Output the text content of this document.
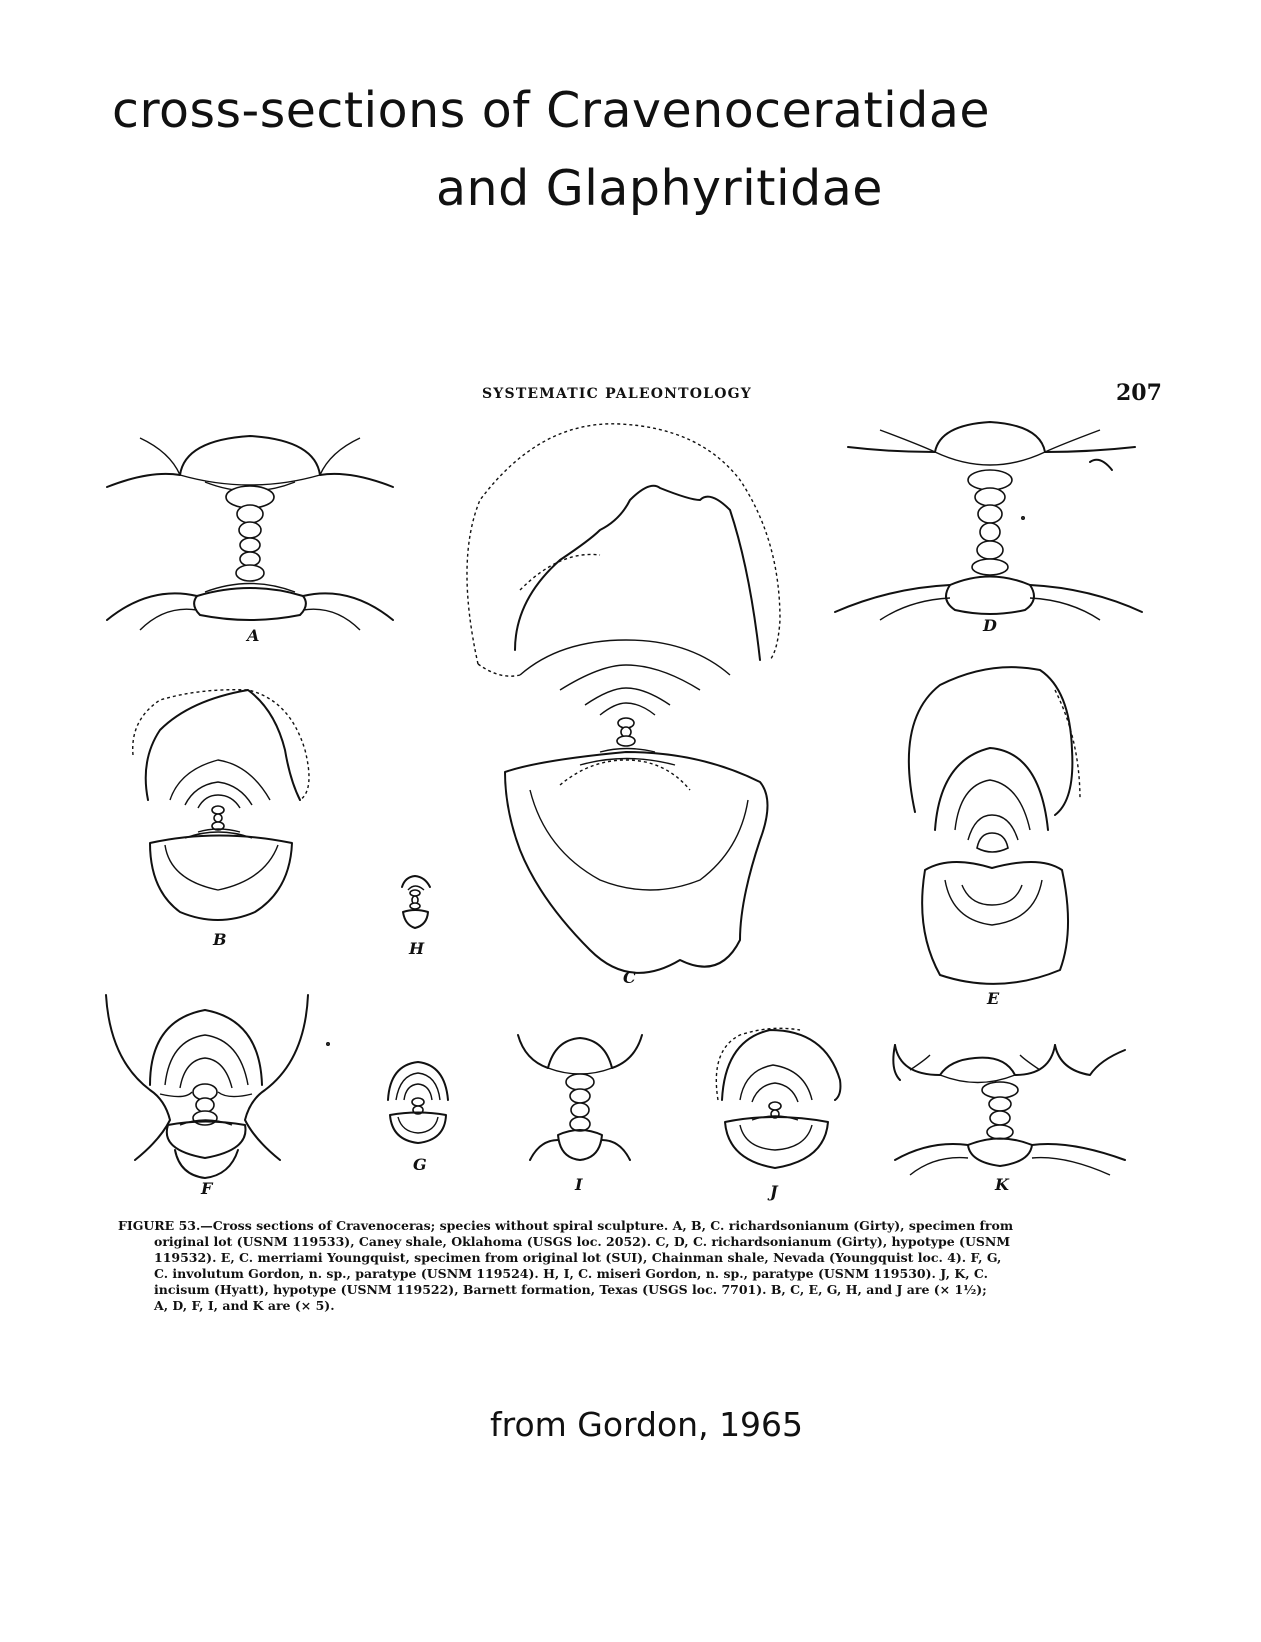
cross-sections of Cravenoceratidae
and Glaphyritidae
SYSTEMATIC PALEONTOLOGY	207
A
D
C
B	H
E
F
G
I	J	K
FIGURE 53.—Cross sections of Cravenoceras; species without spiral sculpture. A, B, C. richardsonianum (Girty), specimen from
original lot (USNM 119533), Caney shale, Oklahoma (USGS loc. 2052). C, D, C. richardsonianum (Girty), hypotype (USNM
119532). E, C. merriami Youngquist, specimen from original lot (SUI), Chainman shale, Nevada (Youngquist loc. 4). F, G,
C. involutum Gordon, n. sp., paratype (USNM 119524). H, I, C. miseri Gordon, n. sp., paratype (USNM 119530). J, K, C.
incisum (Hyatt), hypotype (USNM 119522), Barnett formation, Texas (USGS loc. 7701). B, C, E, G, H, and J are (× 1½);
A, D, F, I, and K are (× 5).
from Gordon, 1965
